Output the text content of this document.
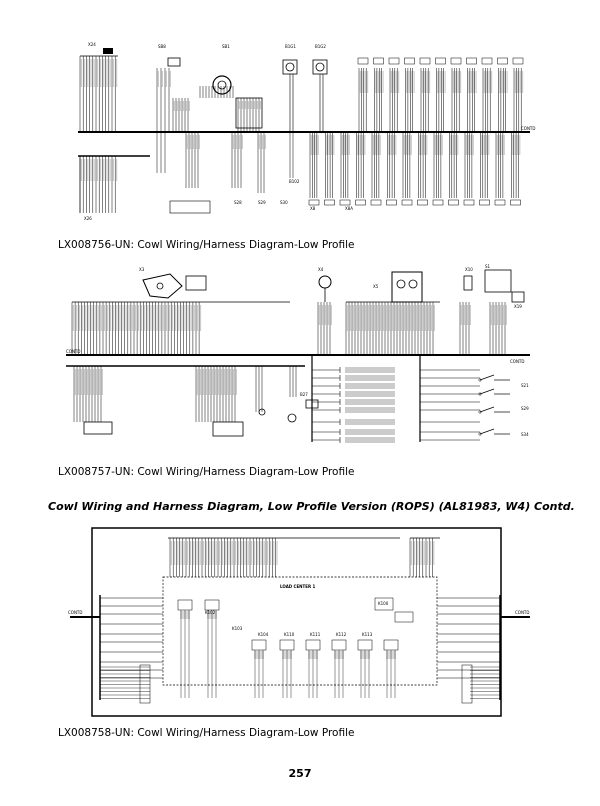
X26
X24	SB8	SB1	B1G1	B1G2
B102
X8	X8A
S28	S29	S30
CONTD
LX008756-UN: Cowl Wiring/Harness Diagram-Low Profile
X3	X4
X5
X10
X19
B27
S1
S21
S29
S34
CONTD
CONTD
LX008757-UN: Cowl Wiring/Harness Diagram-Low Profile
Cowl Wiring and Harness Diagram, Low Profile Version (ROPS) (AL81983, W4) Contd.
LOAD CENTER 1
CONTD	CONTD
K102
K103
K104	K110	K111	K112	K113
K100
LX008758-UN: Cowl Wiring/Harness Diagram-Low Profile
257
